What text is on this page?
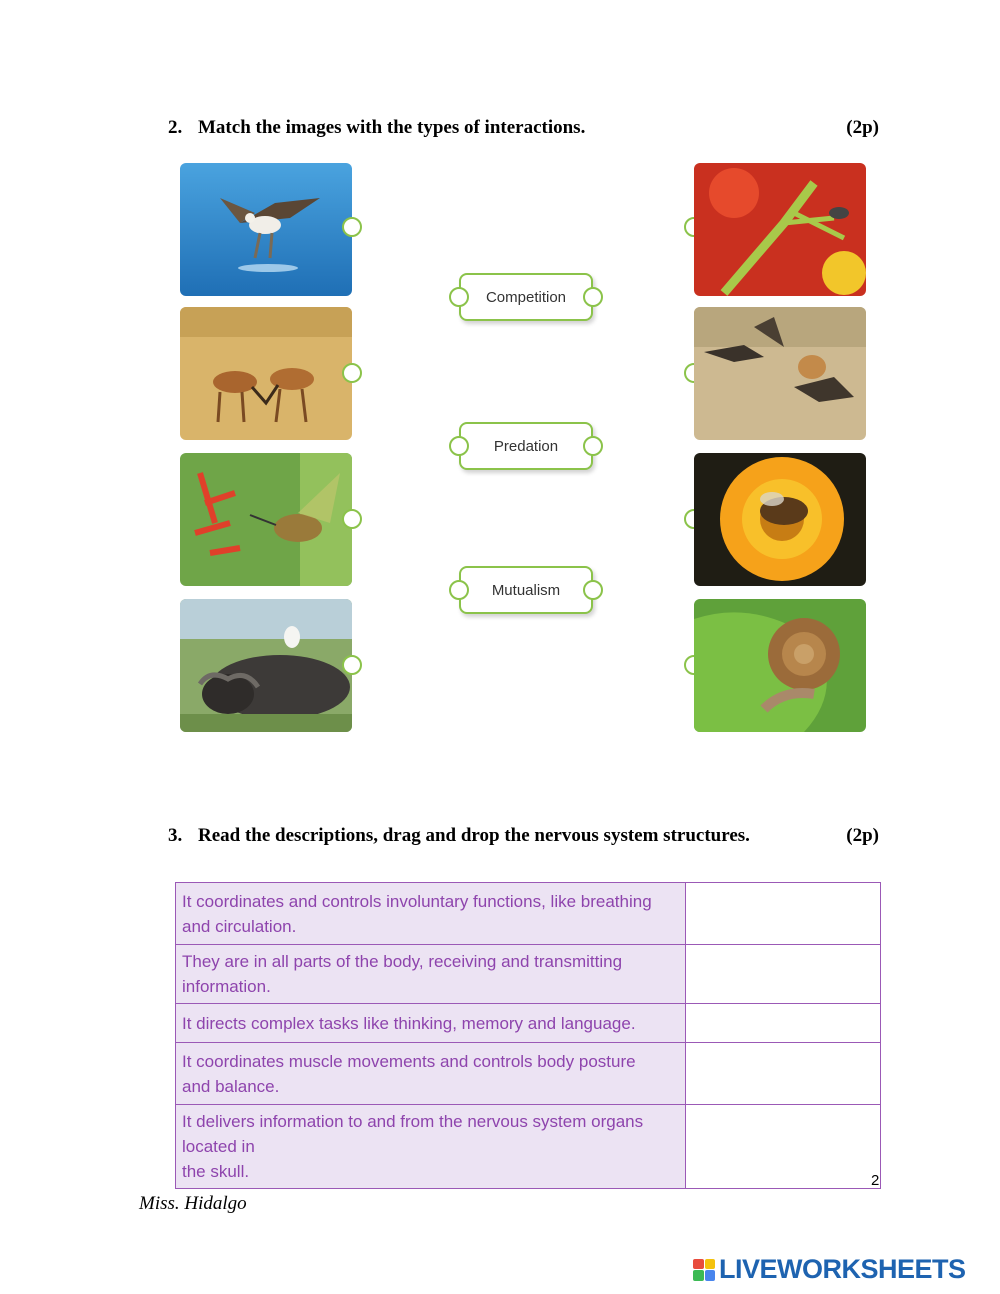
2. Match the images with the types of interactions.	(2p)
Competition
Predation
Mutualism
3. Read the descriptions, drag and drop the nervous system structures.	(2p)
It coordinates and controls involuntary functions, like breathing
and circulation.	

They are in all parts of the body, receiving and transmitting information.	

It directs complex tasks like thinking, memory and language.	

It coordinates muscle movements and controls body posture
and balance.	

It delivers information to and from the nervous system organs located in
the skull.	
		2
Miss. Hidalgo
LIVEWORKSHEETS
